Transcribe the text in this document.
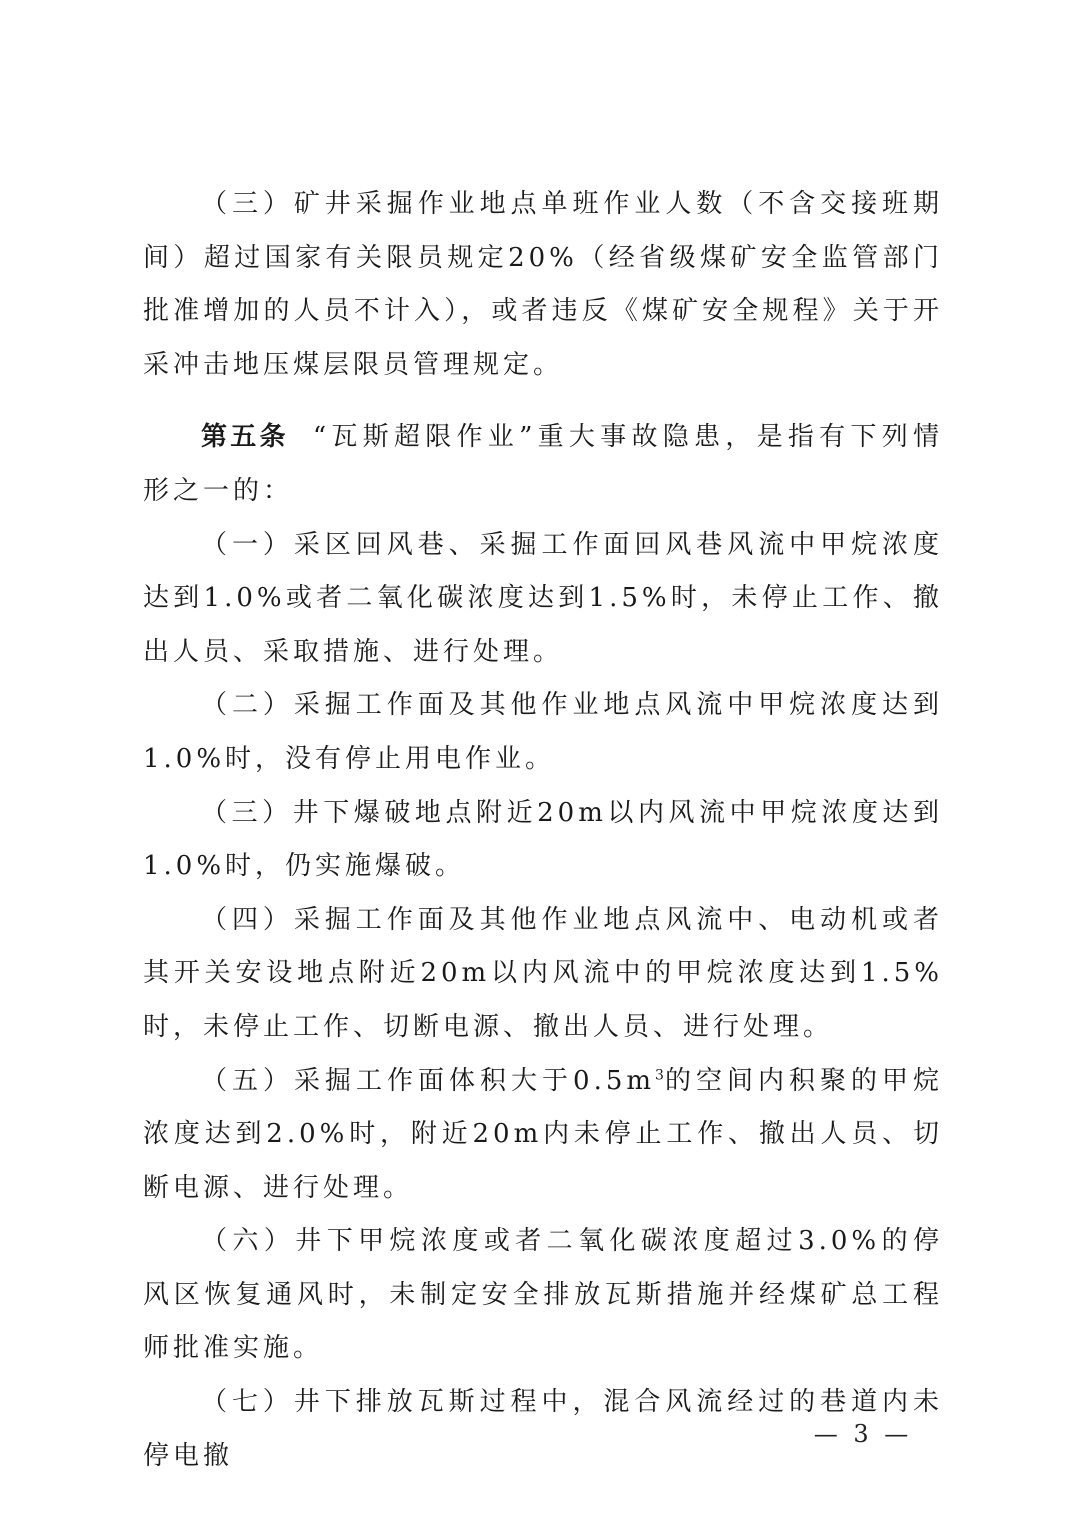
（三）矿井采掘作业地点单班作业人数（不含交接班期间）超过国家有关限员规定20%（经省级煤矿安全监管部门批准增加的人员不计入），或者违反《煤矿安全规程》关于开采冲击地压煤层限员管理规定。

第五条 “瓦斯超限作业”重大事故隐患，是指有下列情形之一的：

（一）采区回风巷、采掘工作面回风巷风流中甲烷浓度达到1.0%或者二氧化碳浓度达到1.5%时，未停止工作、撤出人员、采取措施、进行处理。

（二）采掘工作面及其他作业地点风流中甲烷浓度达到1.0%时，没有停止用电作业。

（三）井下爆破地点附近20m以内风流中甲烷浓度达到1.0%时，仍实施爆破。

（四）采掘工作面及其他作业地点风流中、电动机或者其开关安设地点附近20m以内风流中的甲烷浓度达到1.5%时，未停止工作、切断电源、撤出人员、进行处理。

（五）采掘工作面体积大于$0.5m^3$的空间内积聚的甲烷浓度达到2.0%时，附近20m内未停止工作、撤出人员、切断电源、进行处理。

（六）井下甲烷浓度或者二氧化碳浓度超过3.0%的停风区恢复通风时，未制定安全排放瓦斯措施并经煤矿总工程师批准实施。

（七）井下排放瓦斯过程中，混合风流经过的巷道内未停电撤

— 3 —
